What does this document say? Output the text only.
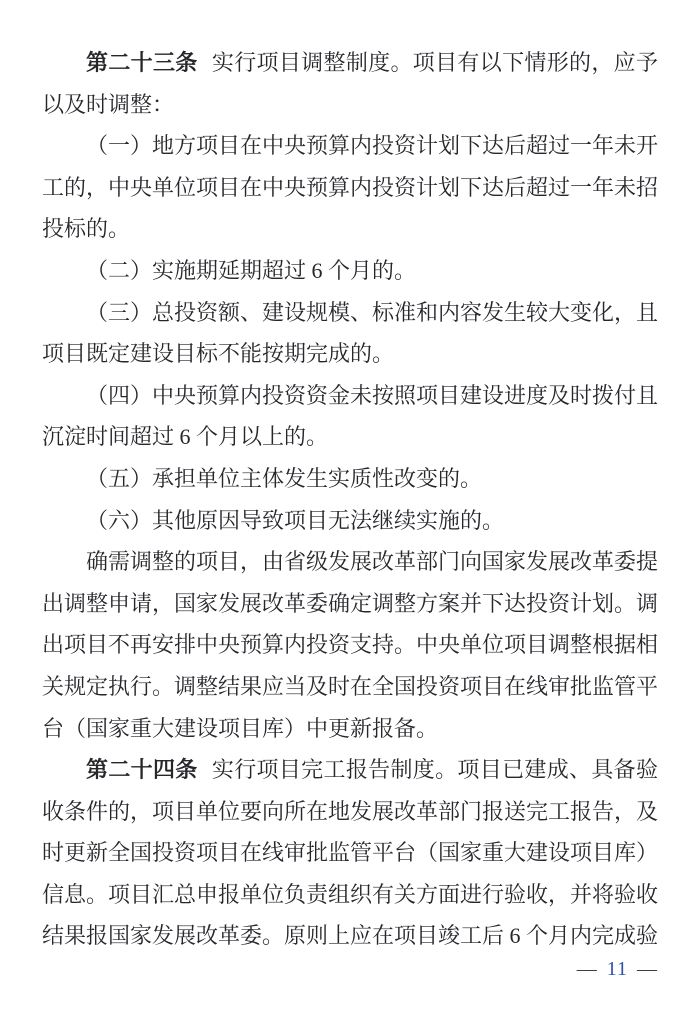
第二十三条 实行项目调整制度。项目有以下情形的，应予
以及时调整：
（一）地方项目在中央预算内投资计划下达后超过一年未开
工的，中央单位项目在中央预算内投资计划下达后超过一年未招
投标的。
（二）实施期延期超过 6 个月的。
（三）总投资额、建设规模、标准和内容发生较大变化，且
项目既定建设目标不能按期完成的。
（四）中央预算内投资资金未按照项目建设进度及时拨付且
沉淀时间超过 6 个月以上的。
（五）承担单位主体发生实质性改变的。
（六）其他原因导致项目无法继续实施的。
确需调整的项目，由省级发展改革部门向国家发展改革委提
出调整申请，国家发展改革委确定调整方案并下达投资计划。调
出项目不再安排中央预算内投资支持。中央单位项目调整根据相
关规定执行。调整结果应当及时在全国投资项目在线审批监管平
台（国家重大建设项目库）中更新报备。
第二十四条 实行项目完工报告制度。项目已建成、具备验
收条件的，项目单位要向所在地发展改革部门报送完工报告，及
时更新全国投资项目在线审批监管平台（国家重大建设项目库）
信息。项目汇总申报单位负责组织有关方面进行验收，并将验收
结果报国家发展改革委。原则上应在项目竣工后 6 个月内完成验
— 11 —
